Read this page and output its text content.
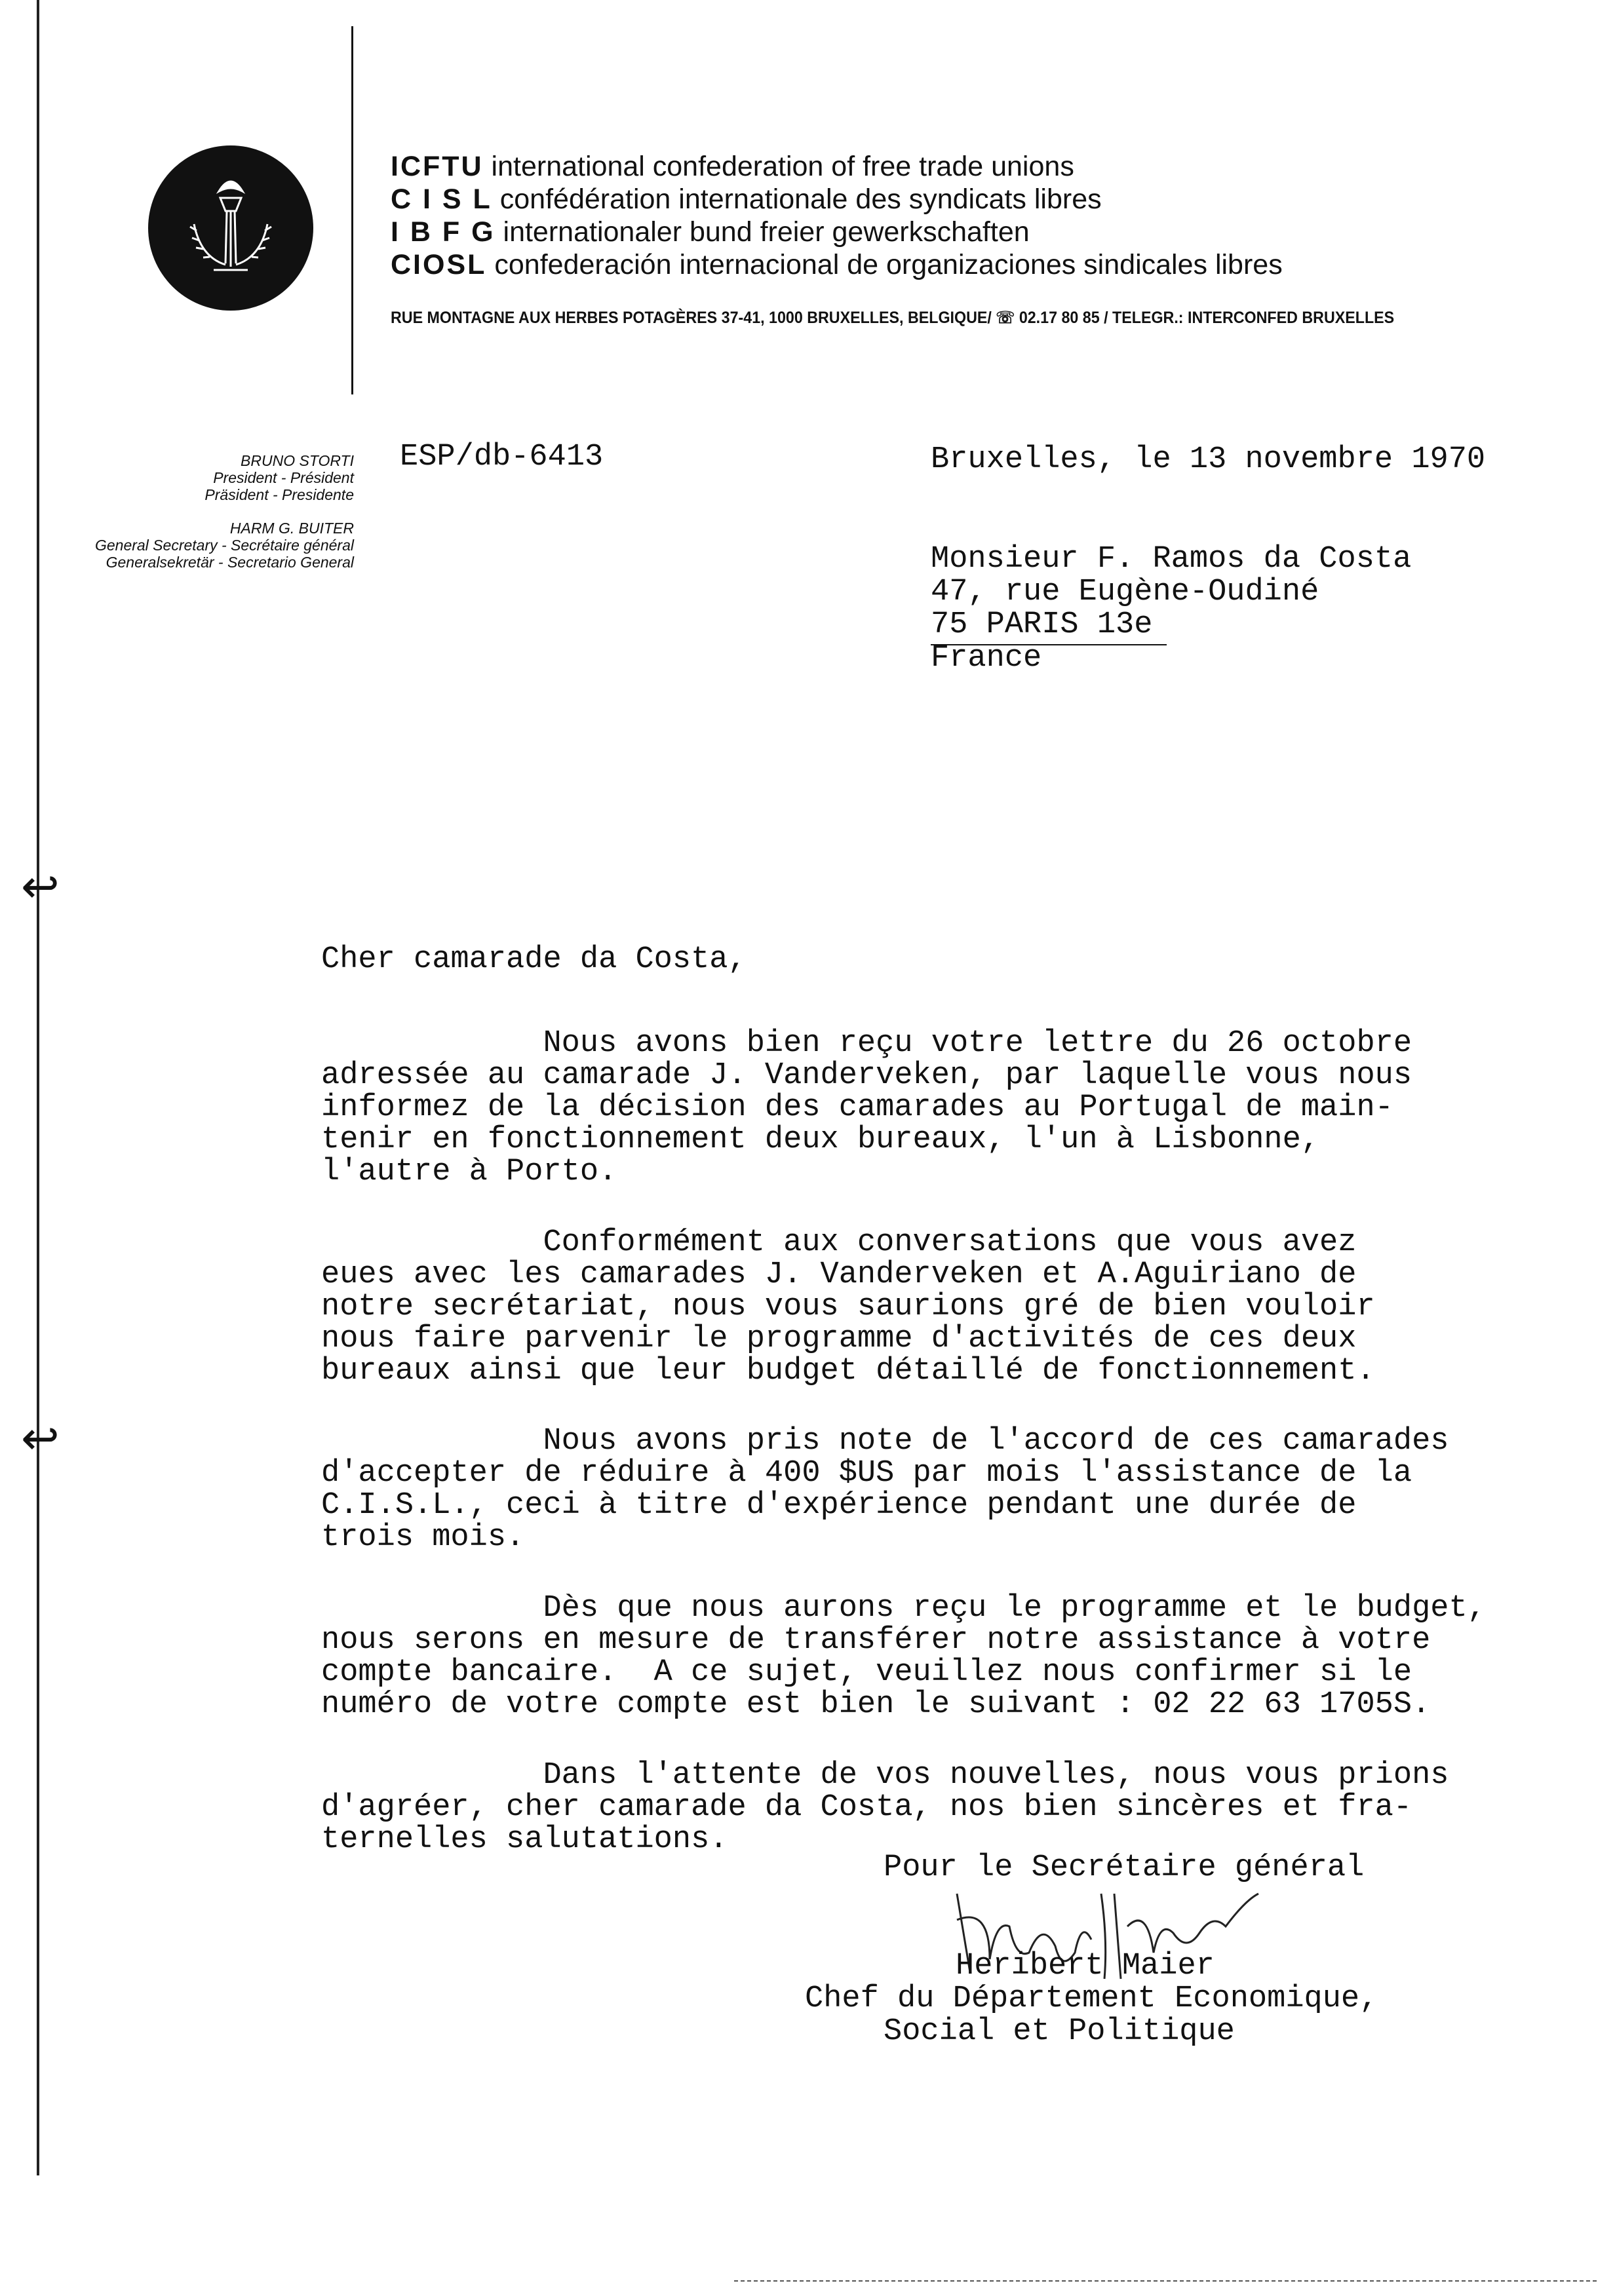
ICFTU international confederation of free trade unions
C I S L confédération internationale des syndicats libres
I B F G internationaler bund freier gewerkschaften
CIOSL confederación internacional de organizaciones sindicales libres
RUE MONTAGNE AUX HERBES POTAGÈRES 37-41, 1000 BRUXELLES, BELGIQUE/ ☏ 02.17 80 85 / TELEGR.: INTERCONFED BRUXELLES
BRUNO STORTI
President - Président
Präsident - Presidente
HARM G. BUITER
General Secretary - Secrétaire général
Generalsekretär - Secretario General
ESP/db-6413	Bruxelles, le 13 novembre 1970
Monsieur F. Ramos da Costa
47, rue Eugène-Oudiné
75 PARIS 13e
France
↩
↩
Cher camarade da Costa,
Nous avons bien reçu votre lettre du 26 octobre
adressée au camarade J. Vanderveken, par laquelle vous nous
informez de la décision des camarades au Portugal de main-
tenir en fonctionnement deux bureaux, l'un à Lisbonne,
l'autre à Porto.
Conformément aux conversations que vous avez
eues avec les camarades J. Vanderveken et A.Aguiriano de
notre secrétariat, nous vous saurions gré de bien vouloir
nous faire parvenir le programme d'activités de ces deux
bureaux ainsi que leur budget détaillé de fonctionnement.
Nous avons pris note de l'accord de ces camarades
d'accepter de réduire à 400 $US par mois l'assistance de la
C.I.S.L., ceci à titre d'expérience pendant une durée de
trois mois.
Dès que nous aurons reçu le programme et le budget,
nous serons en mesure de transférer notre assistance à votre
compte bancaire.  A ce sujet, veuillez nous confirmer si le
numéro de votre compte est bien le suivant : 02 22 63 1705S.
Dans l'attente de vos nouvelles, nous vous prions
d'agréer, cher camarade da Costa, nos bien sincères et fra-
ternelles salutations.
Pour le Secrétaire général
Heribert Maier
Chef du Département Economique,
Social et Politique
